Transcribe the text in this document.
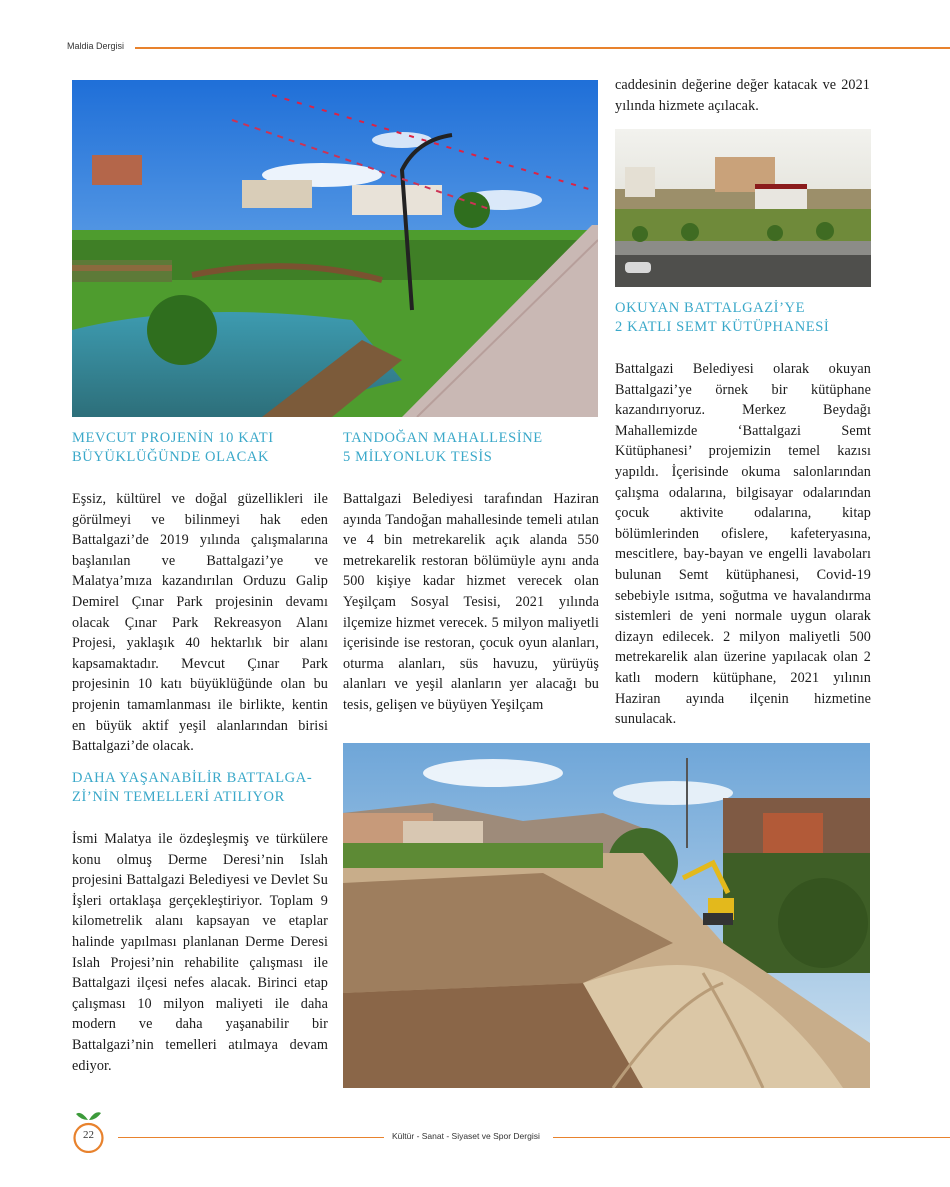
Maldia Dergisi

caddesinin değerine değer katacak ve 2021 yılında hizmete açılacak.

OKUYAN BATTALGAZİ’YE
2 KATLI SEMT KÜTÜPHANESİ

Battalgazi Belediyesi olarak okuyan Battalgazi’ye örnek bir kütüphane kazandırıyoruz. Merkez Beydağı Mahallemizde ‘Battalgazi Semt Kütüphanesi’ projemizin temel kazısı yapıldı. İçerisinde okuma salonlarından çalışma odalarına, bilgisayar odalarından çocuk aktivite odalarına, kitap bölümlerinden ofislere, kafeteryasına, mescitlere, bay-bayan ve engelli lavaboları bulunan Semt kütüphanesi, Covid-19 sebebiyle ısıtma, soğutma ve havalandırma sistemleri de yeni normale uygun olarak dizayn edilecek. 2 milyon maliyetli 500 metrekarelik alan üzerine yapılacak olan 2 katlı modern kütüphane, 2021 yılının Haziran ayında ilçenin hizmetine sunulacak.

MEVCUT PROJENİN 10 KATI
BÜYÜKLÜĞÜNDE OLACAK

Eşsiz, kültürel ve doğal güzellikleri ile görülmeyi ve bilinmeyi hak eden Battalgazi’de 2019 yılında çalışmalarına başlanılan ve Battalgazi’ye ve Malatya’mıza kazandırılan Orduzu Galip Demirel Çınar Park projesinin devamı olacak Çınar Park Rekreasyon Alanı Projesi, yaklaşık 40 hektarlık bir alanı kapsamaktadır. Mevcut Çınar Park projesinin 10 katı büyüklüğünde olan bu projenin tamamlanması ile birlikte, kentin en büyük aktif yeşil alanlarından birisi Battalgazi’de olacak.

TANDOĞAN MAHALLESİNE
5 MİLYONLUK TESİS

Battalgazi Belediyesi tarafından Haziran ayında Tandoğan mahallesinde temeli atılan ve 4 bin metrekarelik açık alanda 550 metrekarelik restoran bölümüyle aynı anda 500 kişiye kadar hizmet verecek olan Yeşilçam Sosyal Tesisi, 2021 yılında ilçemize hizmet verecek. 5 milyon maliyetli içerisinde ise restoran, çocuk oyun alanları, oturma alanları, süs havuzu, yürüyüş alanları ve yeşil alanların yer alacağı bu tesis, gelişen ve büyüyen Yeşilçam

DAHA YAŞANABİLİR BATTALGA-
Zİ’NİN TEMELLERİ ATILIYOR

İsmi Malatya ile özdeşleşmiş ve türkülere konu olmuş Derme Deresi’nin Islah projesini Battalgazi Belediyesi ve Devlet Su İşleri ortaklaşa gerçekleştiriyor. Toplam 9 kilometrelik alanı kapsayan ve etaplar halinde yapılması planlanan Derme Deresi Islah Projesi’nin rehabilite çalışması ile Battalgazi ilçesi nefes alacak. Birinci etap çalışması 10 milyon maliyeti ile daha modern ve daha yaşanabilir bir Battalgazi’nin temelleri atılmaya devam ediyor.

22	Kültür - Sanat - Siyaset ve Spor Dergisi
